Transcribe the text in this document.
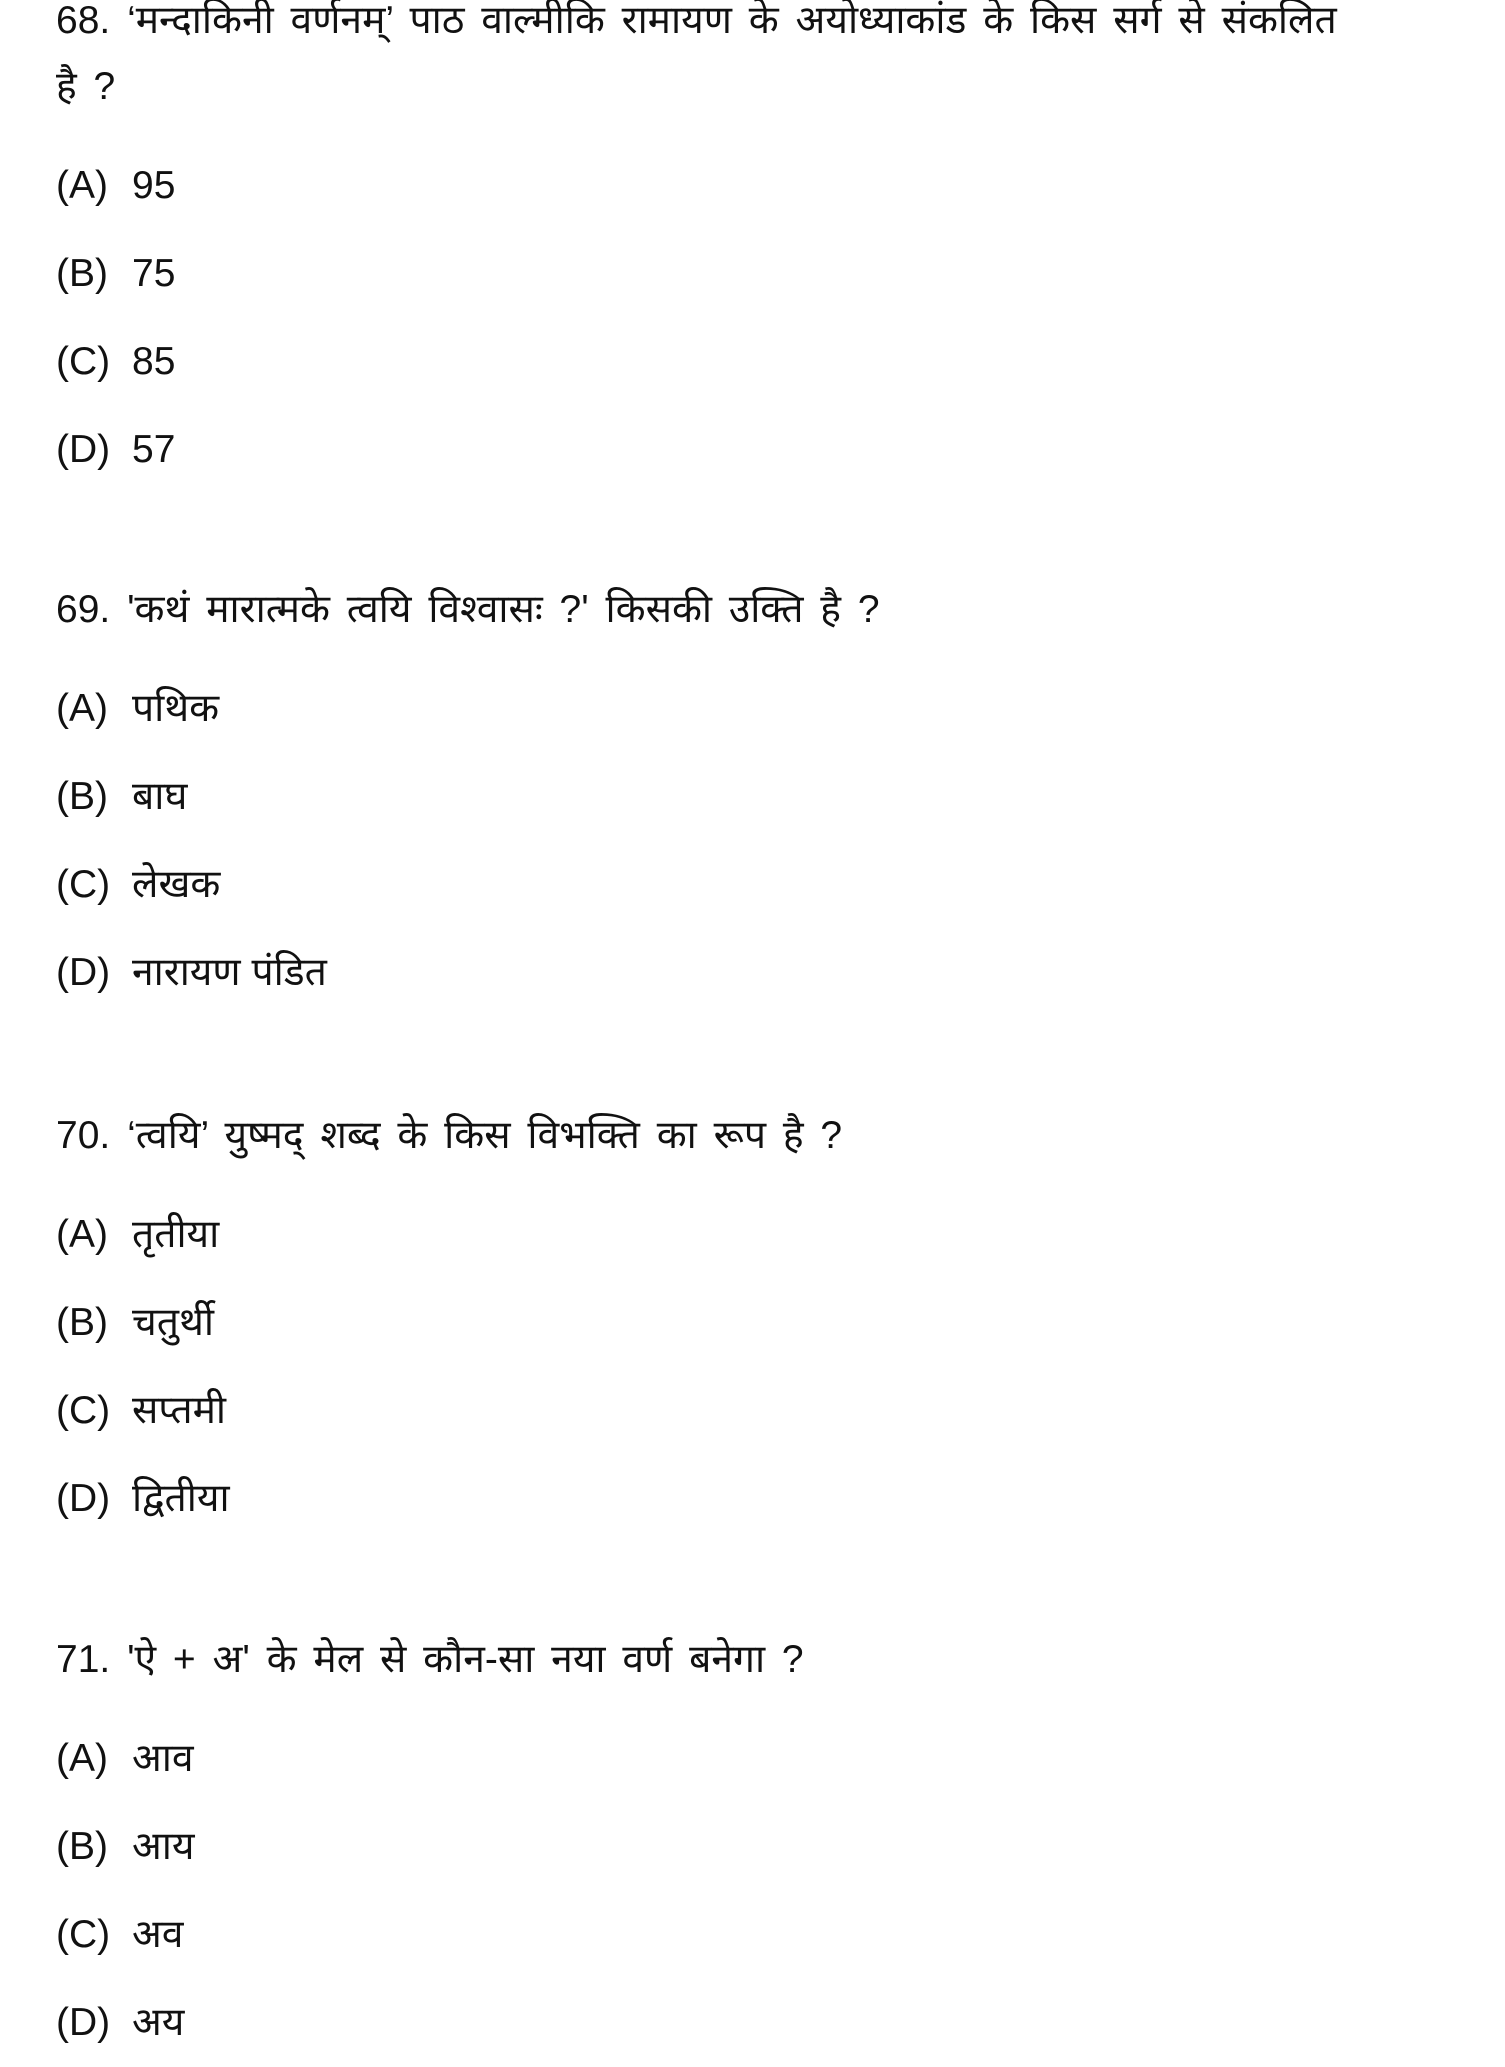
68. ‘मन्दाकिनी वर्णनम्’ पाठ वाल्मीकि रामायण के अयोध्याकांड के किस सर्ग से संकलित है ?

(A) 95
(B) 75
(C) 85
(D) 57

69. 'कथं मारात्मके त्वयि विश्वासः ?' किसकी उक्ति है ?

(A) पथिक
(B) बाघ
(C) लेखक
(D) नारायण पंडित

70. ‘त्वयि’ युष्मद् शब्द के किस विभक्ति का रूप है ?

(A) तृतीया
(B) चतुर्थी
(C) सप्तमी
(D) द्वितीया

71. 'ऐ + अ' के मेल से कौन-सा नया वर्ण बनेगा ?

(A) आव
(B) आय
(C) अव
(D) अय
